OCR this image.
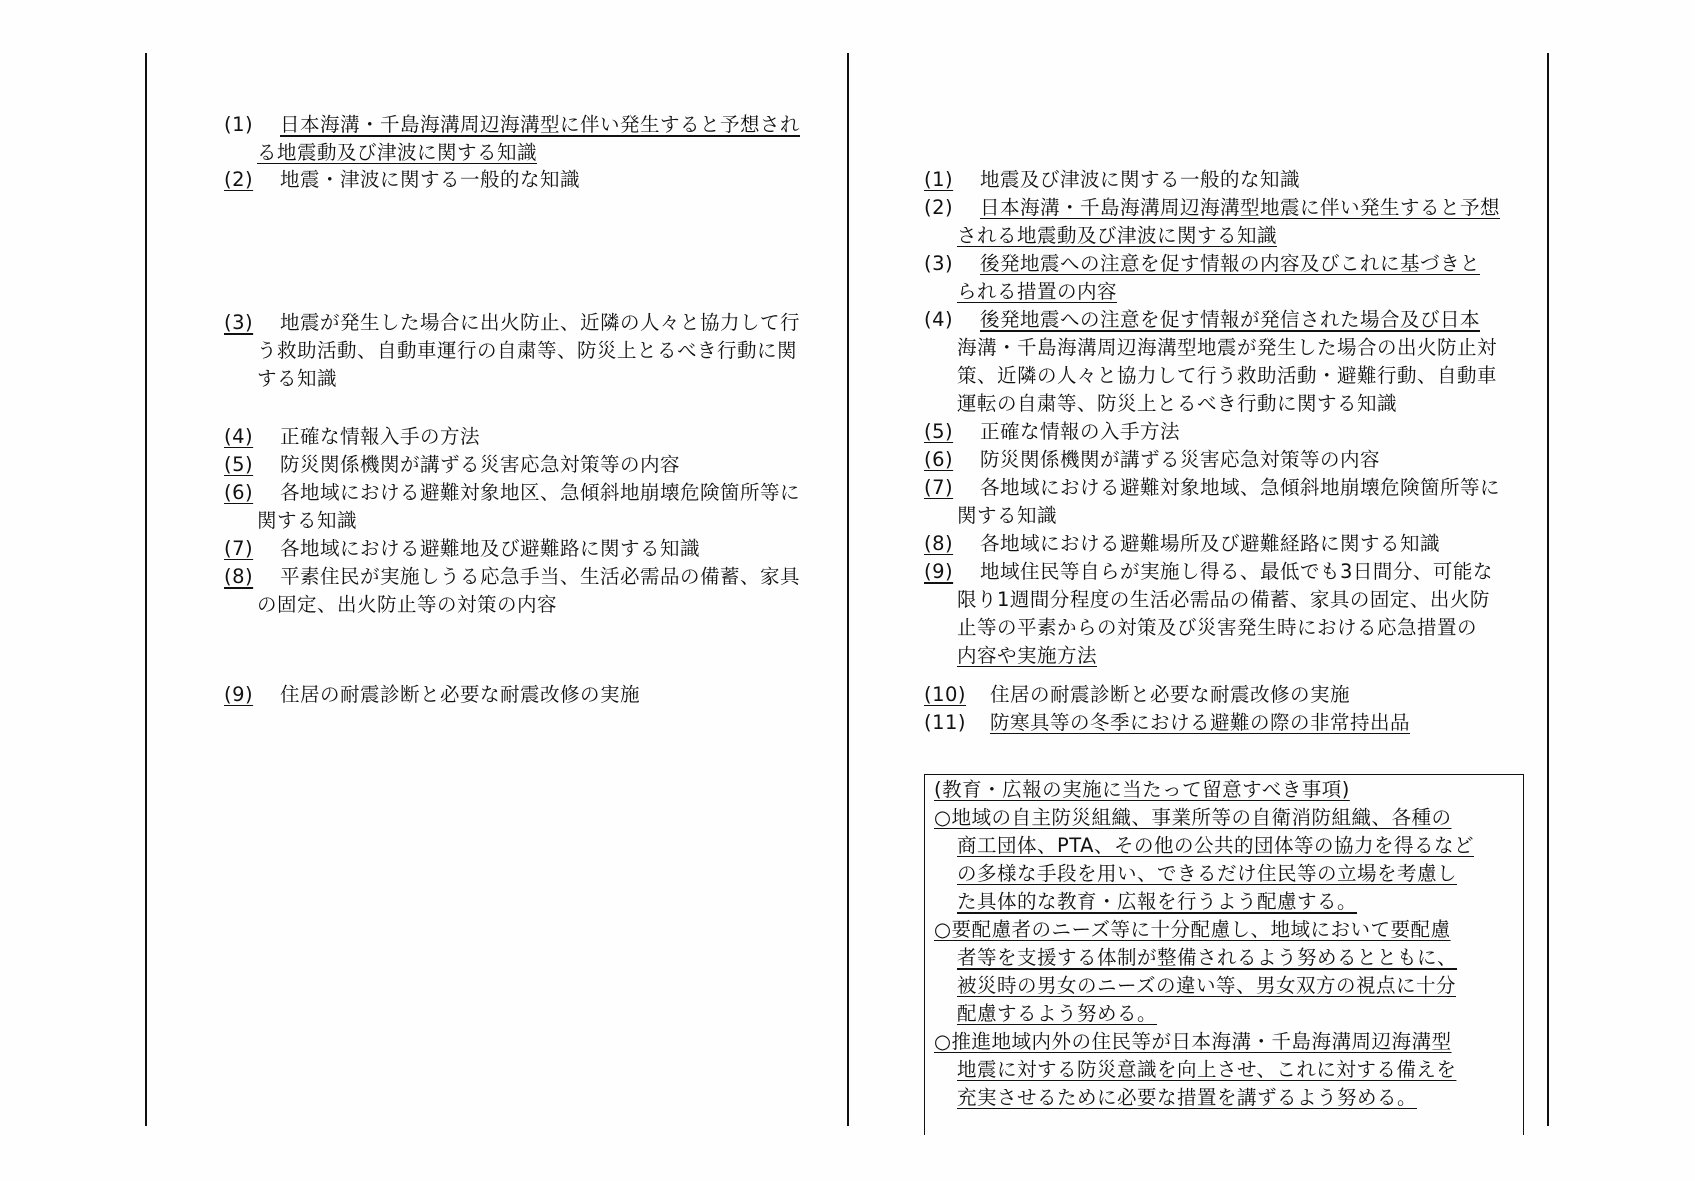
(1) 日本海溝・千島海溝周辺海溝型に伴い発生すると予想され
る地震動及び津波に関する知識
(2) 地震・津波に関する一般的な知識
(3) 地震が発生した場合に出火防止、近隣の人々と協力して行
う救助活動、自動車運行の自粛等、防災上とるべき行動に関
する知識
(4) 正確な情報入手の方法
(5) 防災関係機関が講ずる災害応急対策等の内容
(6) 各地域における避難対象地区、急傾斜地崩壊危険箇所等に
関する知識
(7) 各地域における避難地及び避難路に関する知識
(8) 平素住民が実施しうる応急手当、生活必需品の備蓄、家具
の固定、出火防止等の対策の内容
(9) 住居の耐震診断と必要な耐震改修の実施
(1) 地震及び津波に関する一般的な知識
(2) 日本海溝・千島海溝周辺海溝型地震に伴い発生すると予想
される地震動及び津波に関する知識
(3) 後発地震への注意を促す情報の内容及びこれに基づきと
られる措置の内容
(4) 後発地震への注意を促す情報が発信された場合及び日本
海溝・千島海溝周辺海溝型地震が発生した場合の出火防止対
策、近隣の人々と協力して行う救助活動・避難行動、自動車
運転の自粛等、防災上とるべき行動に関する知識
(5) 正確な情報の入手方法
(6) 防災関係機関が講ずる災害応急対策等の内容
(7) 各地域における避難対象地域、急傾斜地崩壊危険箇所等に
関する知識
(8) 各地域における避難場所及び避難経路に関する知識
(9) 地域住民等自らが実施し得る、最低でも3日間分、可能な
限り1週間分程度の生活必需品の備蓄、家具の固定、出火防
止等の平素からの対策及び災害発生時における応急措置の
内容や実施方法
(10) 住居の耐震診断と必要な耐震改修の実施
(11) 防寒具等の冬季における避難の際の非常持出品
(教育・広報の実施に当たって留意すべき事項)
○地域の自主防災組織、事業所等の自衛消防組織、各種の
商工団体、PTA、その他の公共的団体等の協力を得るなど
の多様な手段を用い、できるだけ住民等の立場を考慮し
た具体的な教育・広報を行うよう配慮する。
○要配慮者のニーズ等に十分配慮し、地域において要配慮
者等を支援する体制が整備されるよう努めるとともに、
被災時の男女のニーズの違い等、男女双方の視点に十分
配慮するよう努める。
○推進地域内外の住民等が日本海溝・千島海溝周辺海溝型
地震に対する防災意識を向上させ、これに対する備えを
充実させるために必要な措置を講ずるよう努める。
